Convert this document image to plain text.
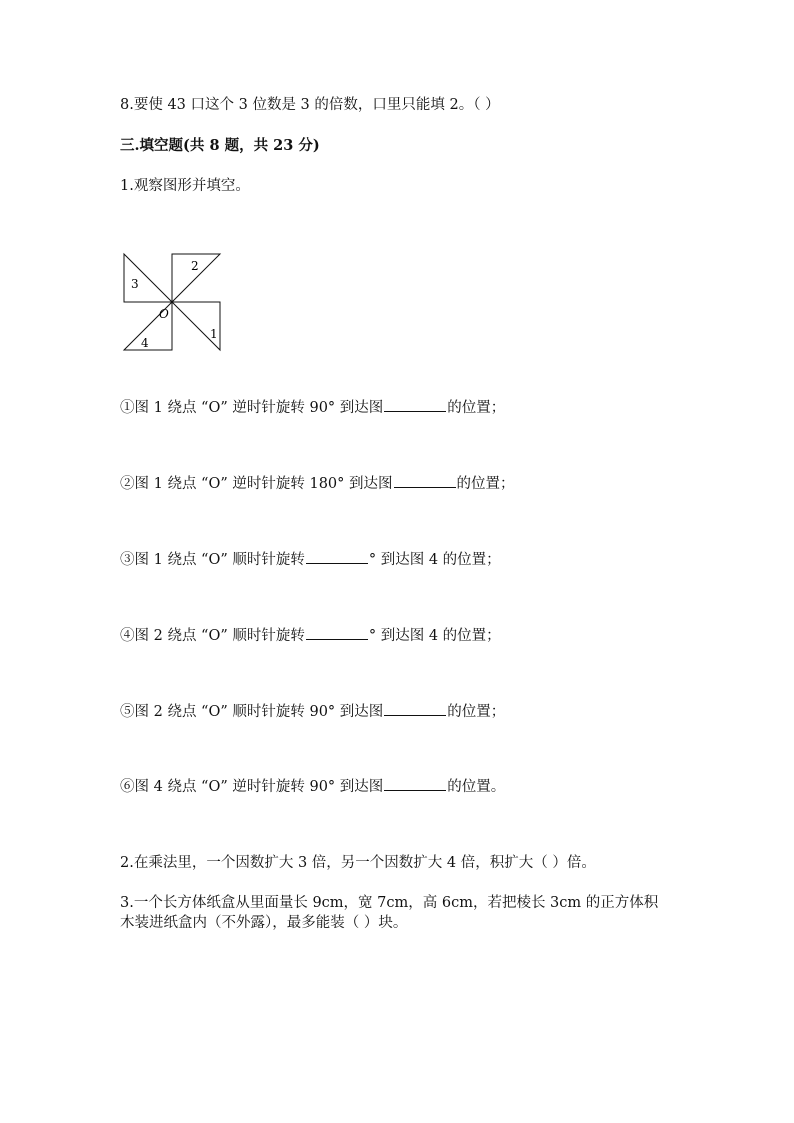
8.要使 43 口这个 3 位数是 3 的倍数，口里只能填 2。（ ）
三.填空题(共 8 题，共 23 分)
1.观察图形并填空。
2
3
1
4
O
①图 1 绕点 “O” 逆时针旋转 90° 到达图	的位置；
②图 1 绕点 “O” 逆时针旋转 180° 到达图	的位置；
③图 1 绕点 “O” 顺时针旋转	° 到达图 4 的位置；
④图 2 绕点 “O” 顺时针旋转	° 到达图 4 的位置；
⑤图 2 绕点 “O” 顺时针旋转 90° 到达图	的位置；
⑥图 4 绕点 “O” 逆时针旋转 90° 到达图	的位置。
2.在乘法里，一个因数扩大 3 倍，另一个因数扩大 4 倍，积扩大（ ）倍。
3.一个长方体纸盒从里面量长 9cm，宽 7cm，高 6cm，若把棱长 3cm 的正方体积
木装进纸盒内（不外露），最多能装（ ）块。
